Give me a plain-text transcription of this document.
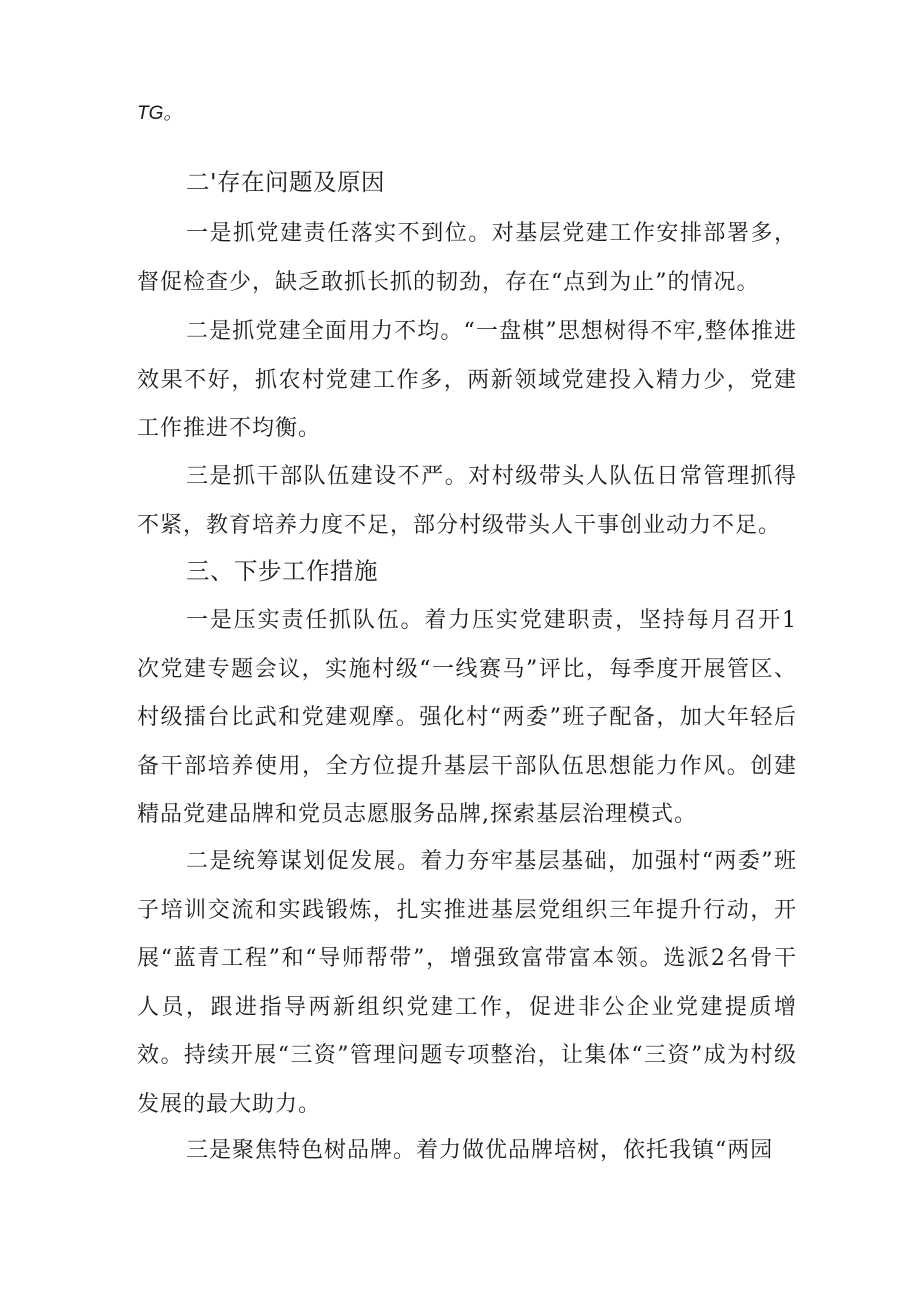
TG。
二'存在问题及原因

一是抓党建责任落实不到位。对基层党建工作安排部署多，督促检查少，缺乏敢抓长抓的韧劲，存在“点到为止”的情况。

二是抓党建全面用力不均。“一盘棋”思想树得不牢,整体推进效果不好，抓农村党建工作多，两新领域党建投入精力少，党建工作推进不均衡。

三是抓干部队伍建设不严。对村级带头人队伍日常管理抓得不紧，教育培养力度不足，部分村级带头人干事创业动力不足。

三、下步工作措施

一是压实责任抓队伍。着力压实党建职责，坚持每月召开1次党建专题会议，实施村级“一线赛马”评比，每季度开展管区、村级擂台比武和党建观摩。强化村“两委”班子配备，加大年轻后备干部培养使用，全方位提升基层干部队伍思想能力作风。创建精品党建品牌和党员志愿服务品牌,探索基层治理模式。

二是统筹谋划促发展。着力夯牢基层基础，加强村“两委”班子培训交流和实践锻炼，扎实推进基层党组织三年提升行动，开展“蓝青工程”和“导师帮带”，增强致富带富本领。选派2名骨干人员，跟进指导两新组织党建工作，促进非公企业党建提质增效。持续开展“三资”管理问题专项整治，让集体“三资”成为村级发展的最大助力。

三是聚焦特色树品牌。着力做优品牌培树，依托我镇“两园
